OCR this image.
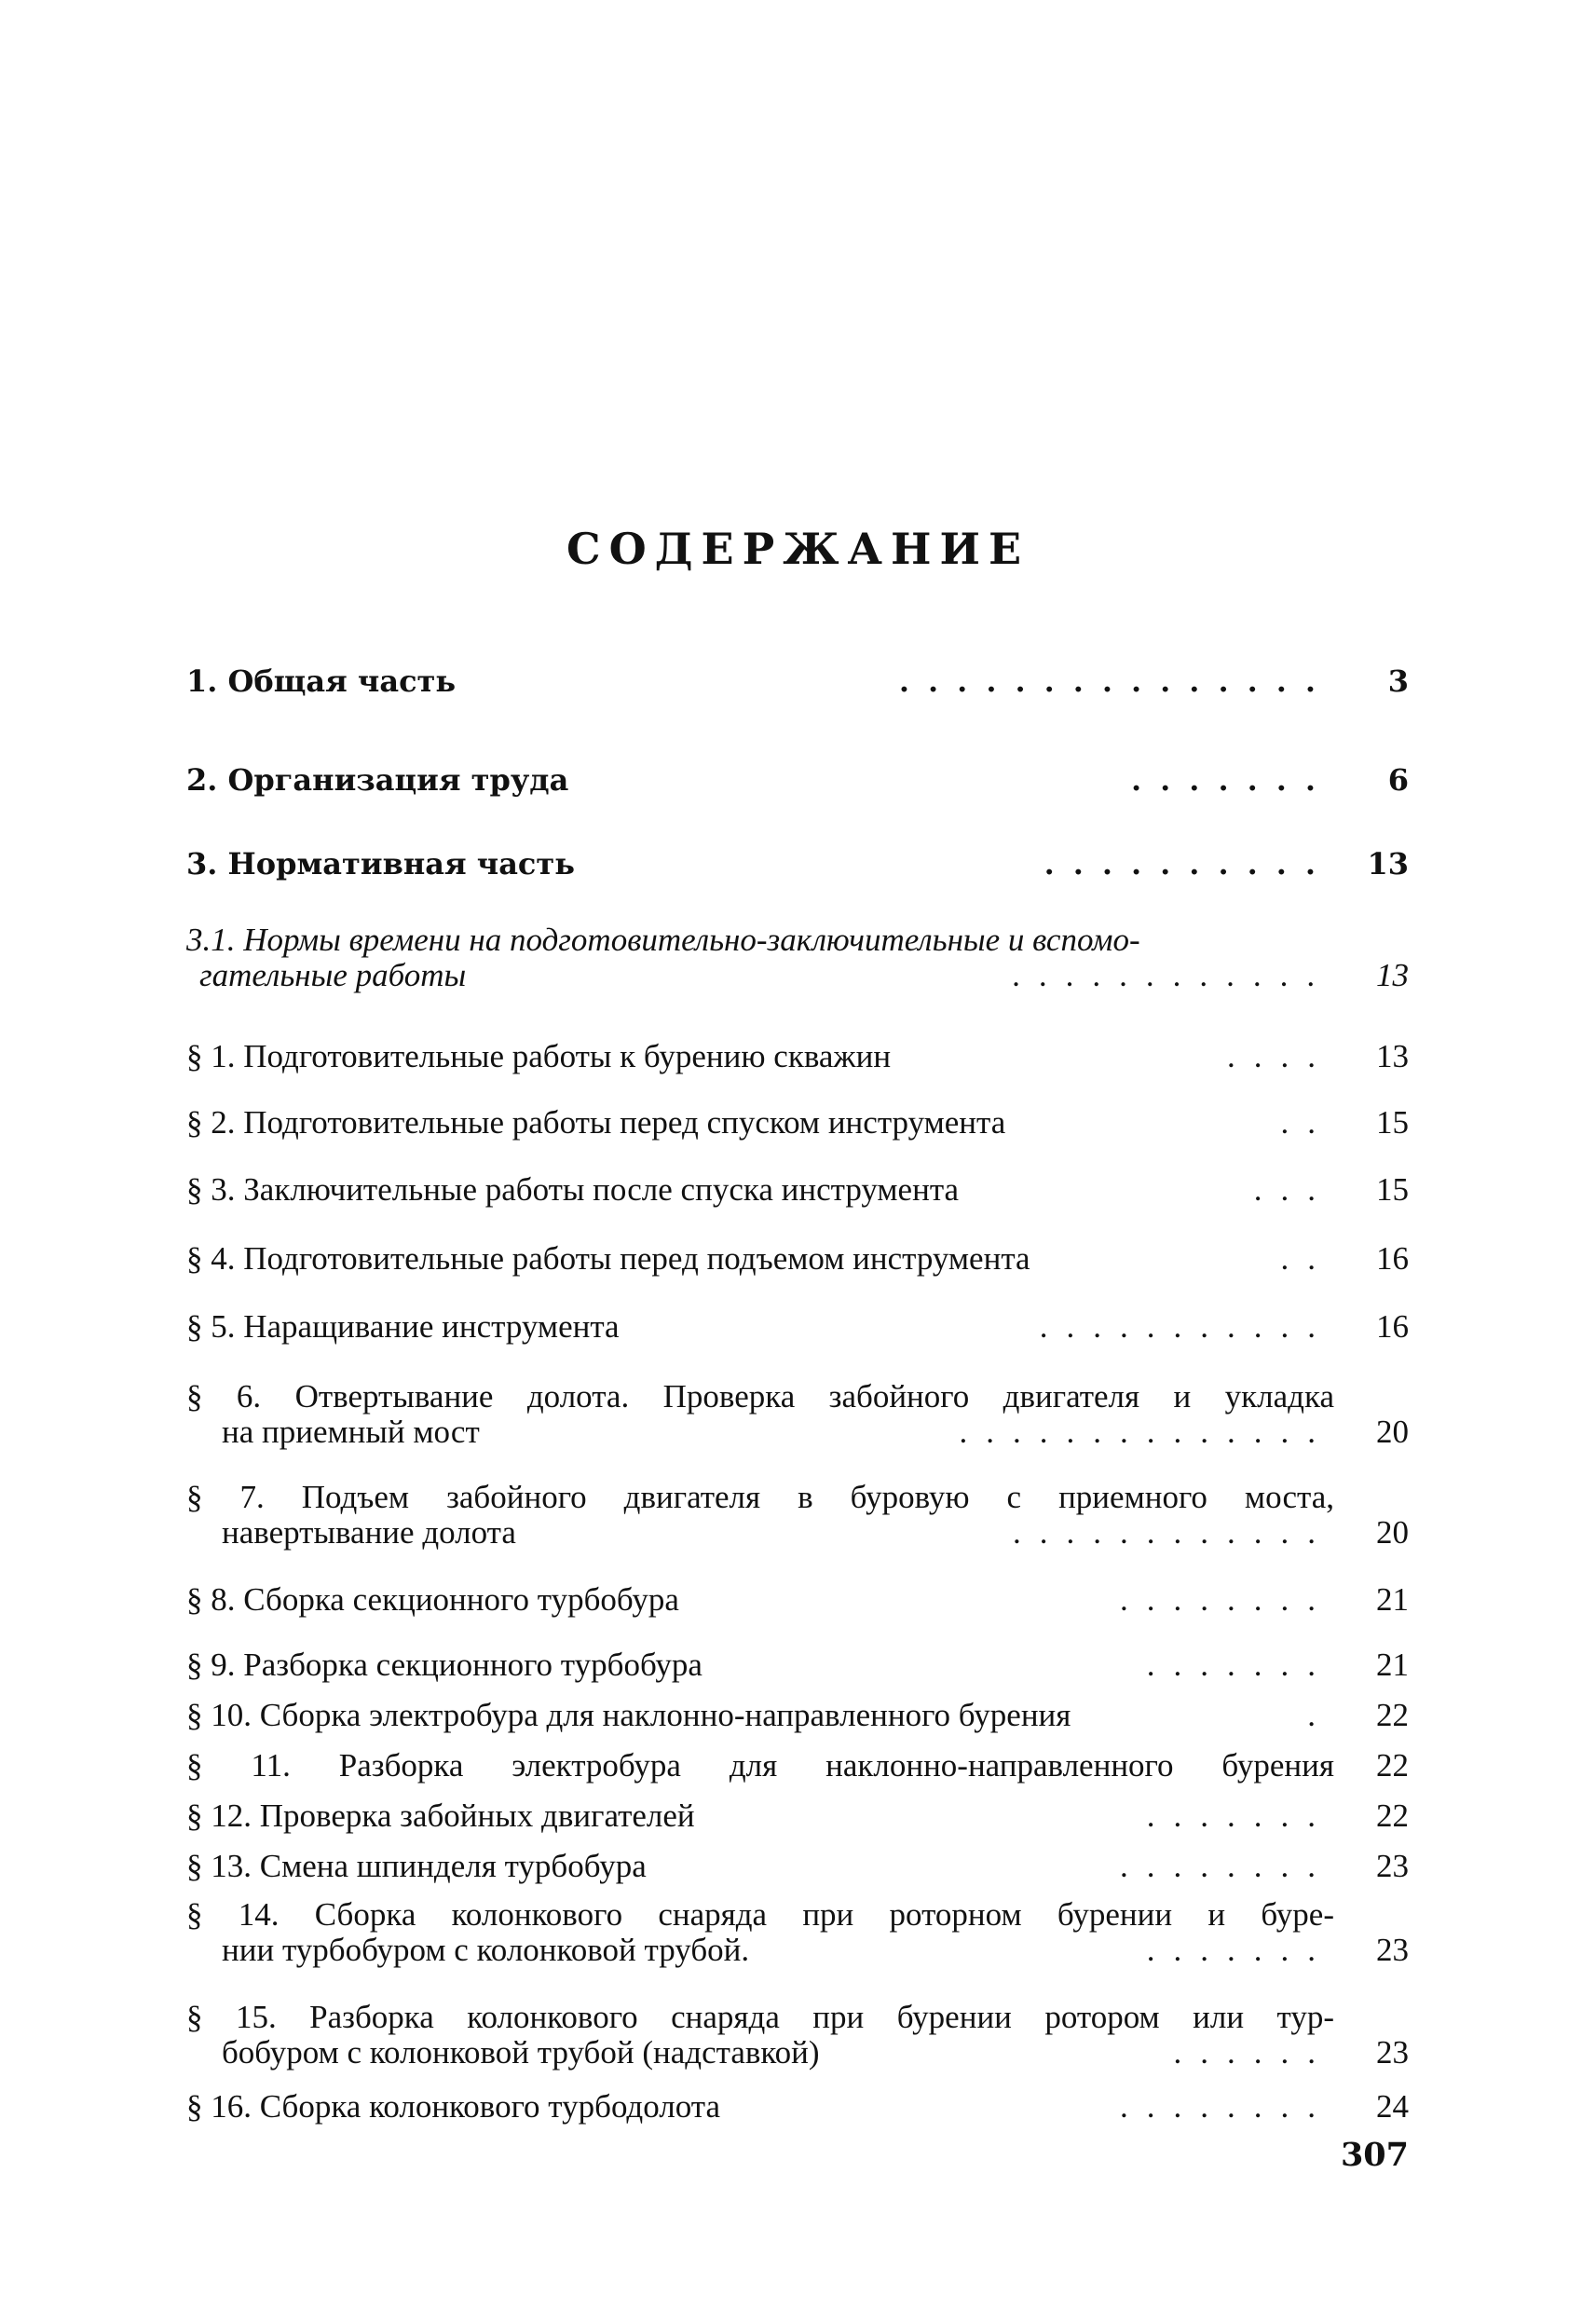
СОДЕРЖАНИЕ
1. Общая часть	...............	3
2. Организация труда	.......	6
3. Нормативная часть	..........	13
3.1. Нормы времени на подготовительно-заключительные и вспомо-
гательные работы	............	13
§ 1. Подготовительные работы к бурению скважин	....	13
§ 2. Подготовительные работы перед спуском инструмента	..	15
§ 3. Заключительные работы после спуска инструмента	...	15
§ 4. Подготовительные работы перед подъемом инструмента	..	16
§ 5. Наращивание инструмента	...........	16
§ 6. Отвертывание долота. Проверка забойного двигателя и укладка
на приемный мост	..............	20
§ 7. Подъем забойного двигателя в буровую с приемного моста,
навертывание долота	............	20
§ 8. Сборка секционного турбобура	........	21
§ 9. Разборка секционного турбобура	.......	21
§ 10. Сборка электробура для наклонно-направленного бурения	.	22
§ 11. Разборка электробура для наклонно-направленного бурения	22
§ 12. Проверка забойных двигателей	.......	22
§ 13. Смена шпинделя турбобура	........	23
§ 14. Сборка колонкового снаряда при роторном бурении и буре-
нии турбобуром с колонковой трубой.	.......	23
§ 15. Разборка колонкового снаряда при бурении ротором или тур-
бобуром с колонковой трубой (надставкой)	......	23
§ 16. Сборка колонкового турбодолота	........	24
307
